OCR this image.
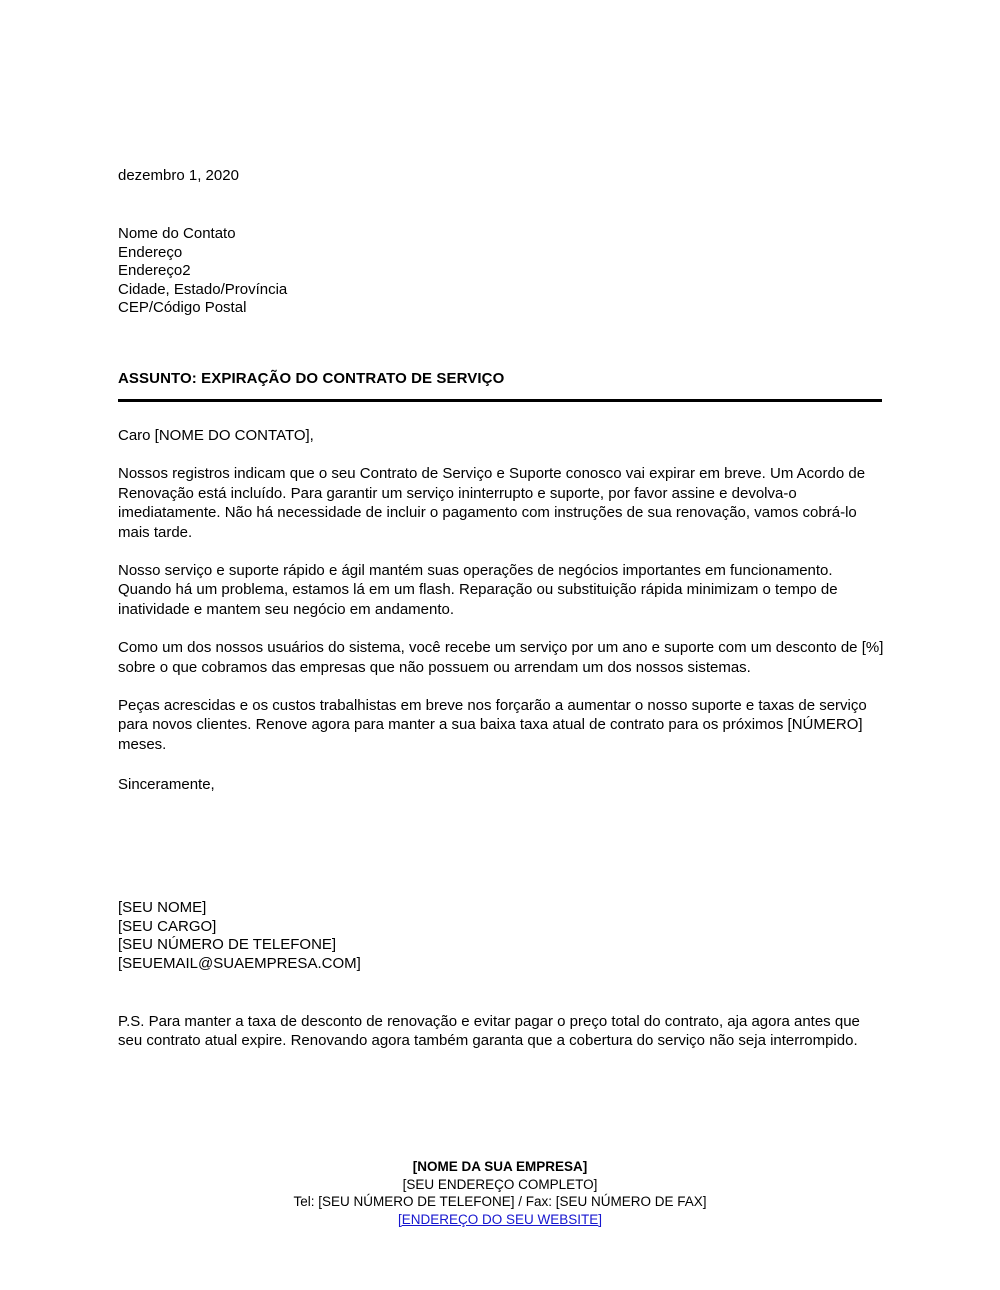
dezembro 1, 2020
Nome do Contato
Endereço
Endereço2
Cidade, Estado/Província
CEP/Código Postal
ASSUNTO: EXPIRAÇÃO DO CONTRATO DE SERVIÇO

Caro [NOME DO CONTATO],

Nossos registros indicam que o seu Contrato de Serviço e Suporte conosco vai expirar em breve. Um Acordo de Renovação está incluído. Para garantir um serviço ininterrupto e suporte, por favor assine e devolva-o imediatamente. Não há necessidade de incluir o pagamento com instruções de sua renovação, vamos cobrá-lo mais tarde.

Nosso serviço e suporte rápido e ágil mantém suas operações de negócios importantes em funcionamento. Quando há um problema, estamos lá em um flash. Reparação ou substituição rápida minimizam o tempo de inatividade e mantem seu negócio em andamento.

Como um dos nossos usuários do sistema, você recebe um serviço por um ano e suporte com um desconto de [%] sobre o que cobramos das empresas que não possuem ou arrendam um dos nossos sistemas.

Peças acrescidas e os custos trabalhistas em breve nos forçarão a aumentar o nosso suporte e taxas de serviço para novos clientes. Renove agora para manter a sua baixa taxa atual de contrato para os próximos [NÚMERO] meses.

Sinceramente,

[SEU NOME]
[SEU CARGO]
[SEU NÚMERO DE TELEFONE]
[SEUEMAIL@SUAEMPRESA.COM]
P.S. Para manter a taxa de desconto de renovação e evitar pagar o preço total do contrato, aja agora antes que seu contrato atual expire. Renovando agora também garanta que a cobertura do serviço não seja interrompido.
[NOME DA SUA EMPRESA]
[SEU ENDEREÇO COMPLETO]
Tel: [SEU NÚMERO DE TELEFONE] / Fax: [SEU NÚMERO DE FAX]
[ENDEREÇO DO SEU WEBSITE]
